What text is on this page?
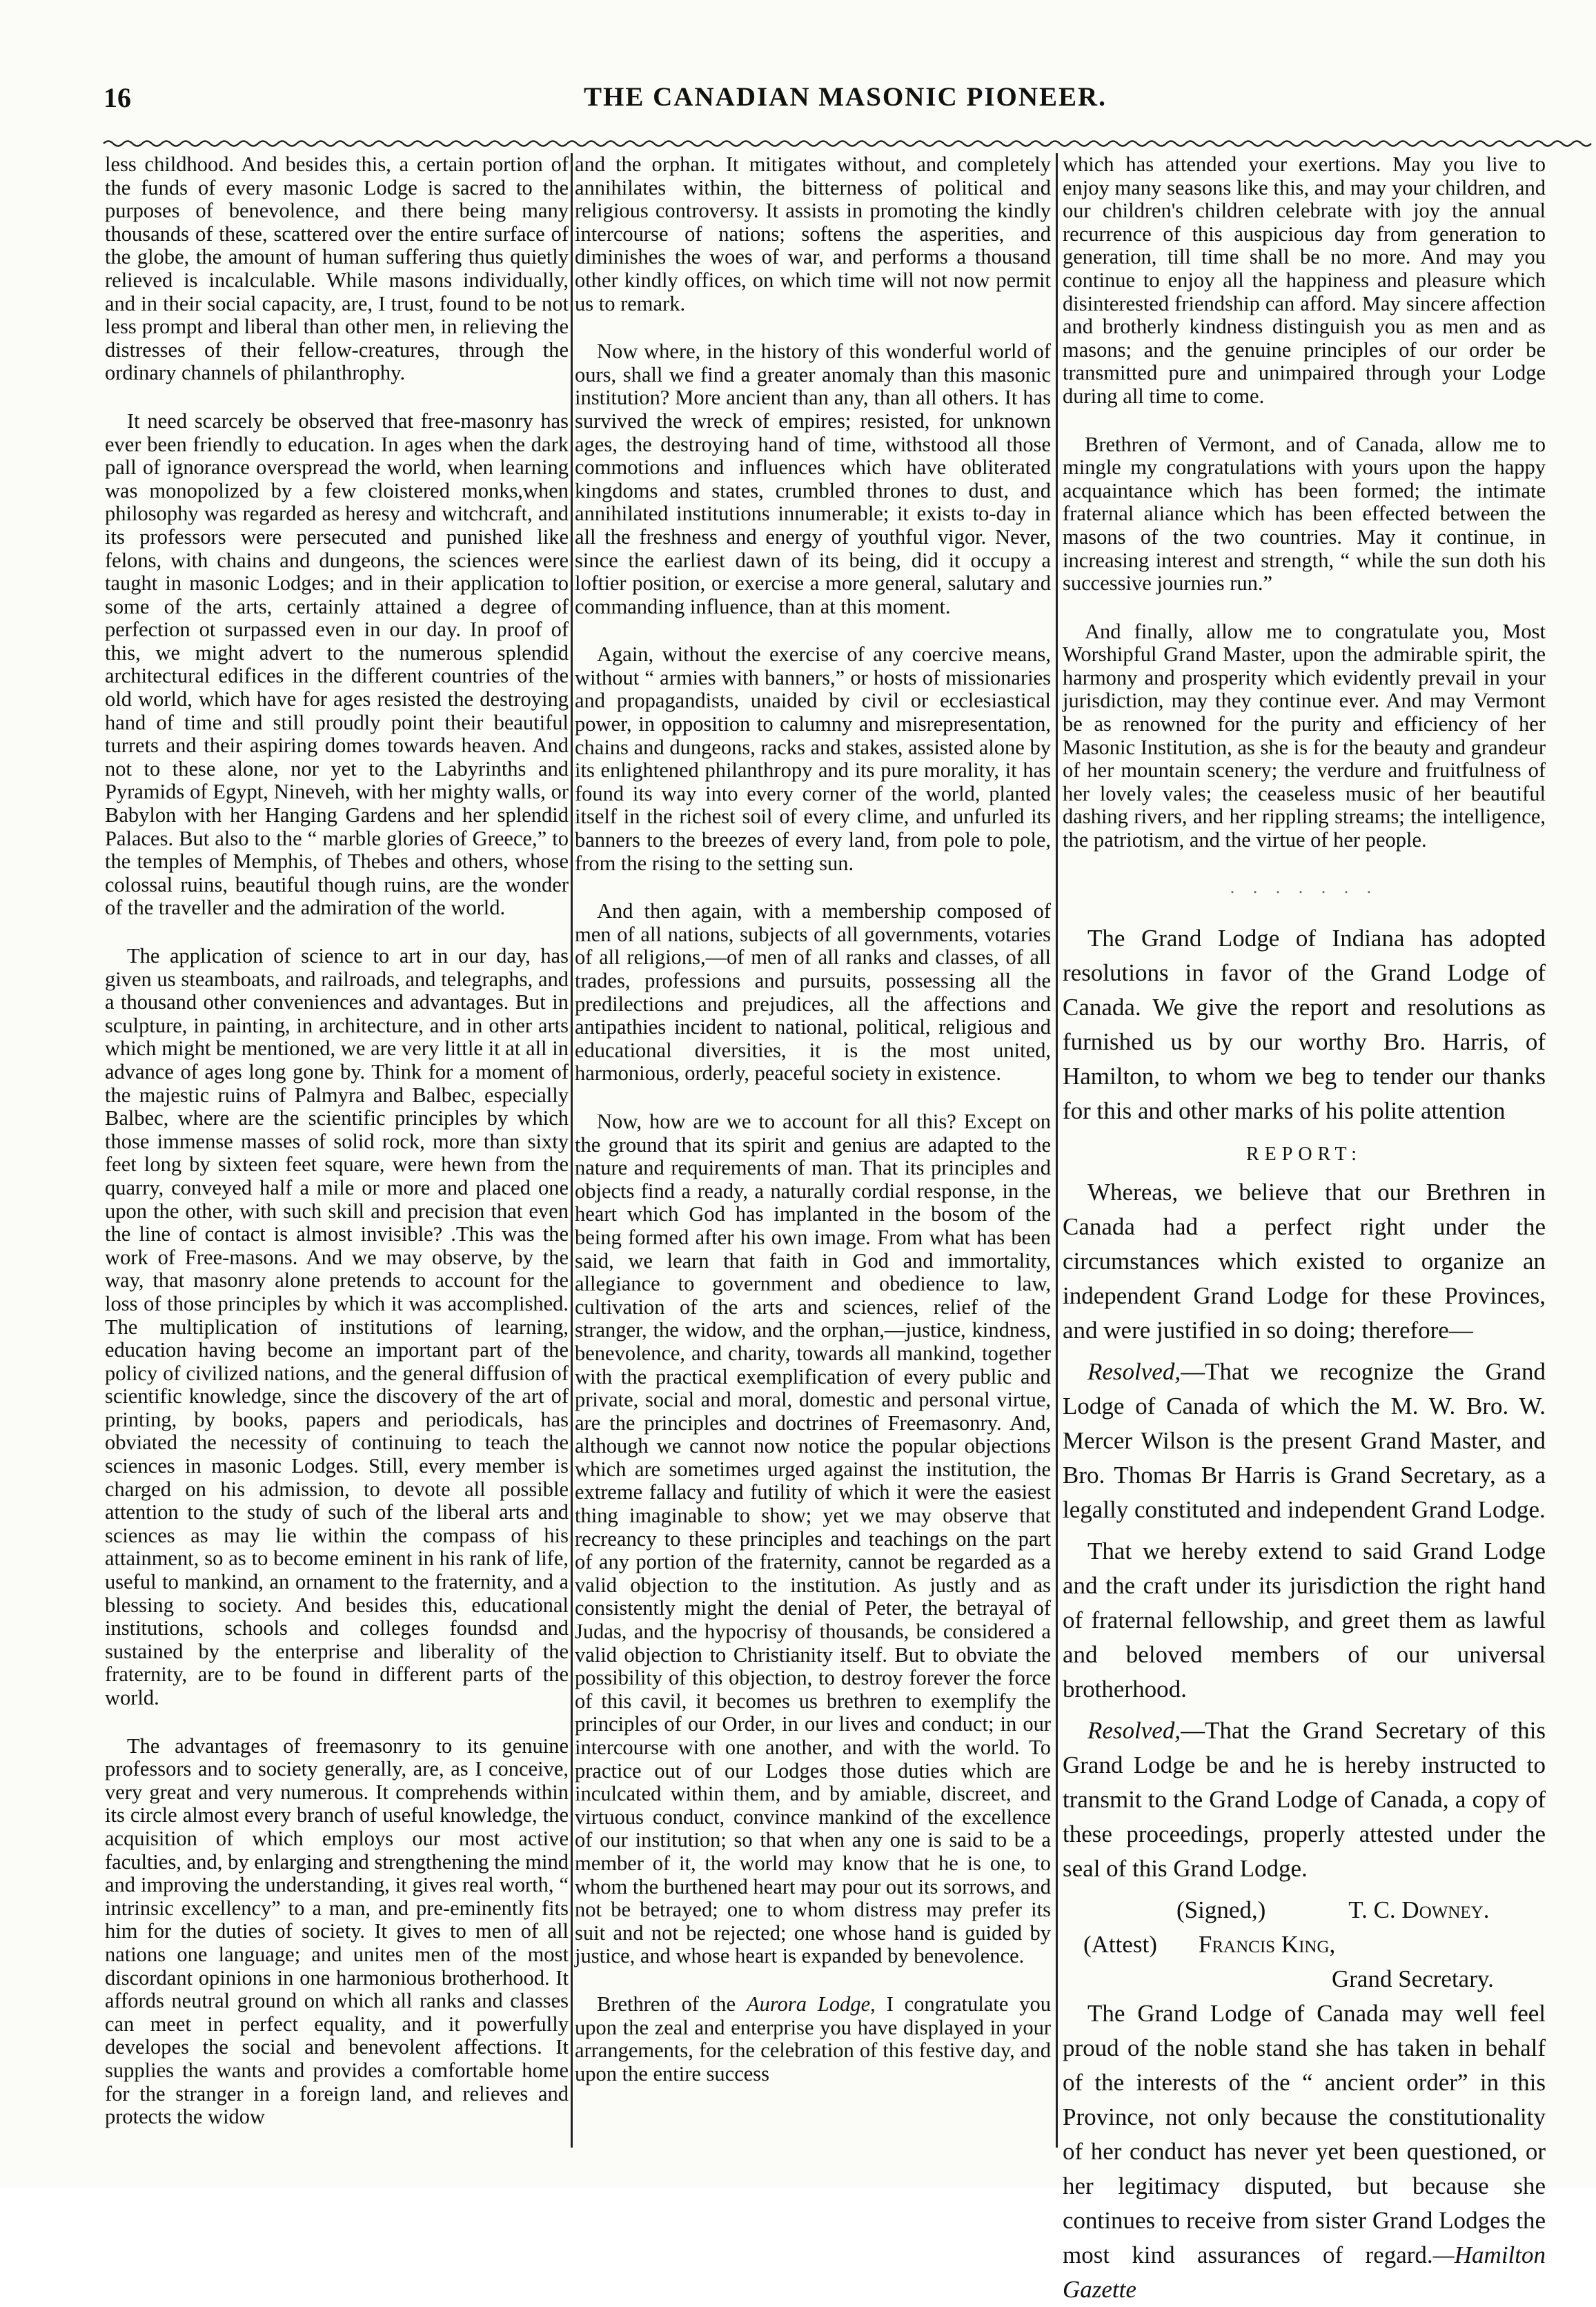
16	THE CANADIAN MASONIC PIONEER.

less childhood. And besides this, a certain portion of the funds of every masonic Lodge is sacred to the purposes of benevolence, and there being many thousands of these, scattered over the entire surface of the globe, the amount of human suffering thus quietly relieved is incalculable. While masons individually, and in their social capacity, are, I trust, found to be not less prompt and liberal than other men, in relieving the distresses of their fellow-creatures, through the ordinary channels of philanthrophy.

It need scarcely be observed that free-masonry has ever been friendly to education. In ages when the dark pall of ignorance overspread the world, when learning was monopolized by a few cloistered monks,when philosophy was regarded as heresy and witchcraft, and its professors were persecuted and punished like felons, with chains and dungeons, the sciences were taught in masonic Lodges; and in their application to some of the arts, certainly attained a degree of perfection ot surpassed even in our day. In proof of this, we might advert to the numerous splendid architectural edifices in the different countries of the old world, which have for ages resisted the destroying hand of time and still proudly point their beautiful turrets and their aspiring domes towards heaven. And not to these alone, nor yet to the Labyrinths and Pyramids of Egypt, Nineveh, with her mighty walls, or Babylon with her Hanging Gardens and her splendid Palaces. But also to the “ marble glories of Greece,” to the temples of Memphis, of Thebes and others, whose colossal ruins, beautiful though ruins, are the wonder of the traveller and the admiration of the world.

The application of science to art in our day, has given us steamboats, and railroads, and telegraphs, and a thousand other conveniences and advantages. But in sculpture, in painting, in architecture, and in other arts which might be mentioned, we are very little it at all in advance of ages long gone by. Think for a moment of the majestic ruins of Palmyra and Balbec, especially Balbec, where are the scientific principles by which those immense masses of solid rock, more than sixty feet long by sixteen feet square, were hewn from the quarry, conveyed half a mile or more and placed one upon the other, with such skill and precision that even the line of contact is almost invisible? .This was the work of Free-masons. And we may observe, by the way, that masonry alone pretends to account for the loss of those principles by which it was accomplished. The multiplication of institutions of learning, education having become an important part of the policy of civilized nations, and the general diffusion of scientific knowledge, since the discovery of the art of printing, by books, papers and periodicals, has obviated the necessity of continuing to teach the sciences in masonic Lodges. Still, every member is charged on his admission, to devote all possible attention to the study of such of the liberal arts and sciences as may lie within the compass of his attainment, so as to become eminent in his rank of life, useful to mankind, an ornament to the fraternity, and a blessing to society. And besides this, educational institutions, schools and colleges foundsd and sustained by the enterprise and liberality of the fraternity, are to be found in different parts of the world.

The advantages of freemasonry to its genuine professors and to society generally, are, as I conceive, very great and very numerous. It comprehends within its circle almost every branch of useful knowledge, the acquisition of which employs our most active faculties, and, by enlarging and strengthening the mind and improving the understanding, it gives real worth, “ intrinsic excellency” to a man, and pre-eminently fits him for the duties of society. It gives to men of all nations one language; and unites men of the most discordant opinions in one harmonious brotherhood. It affords neutral ground on which all ranks and classes can meet in perfect equality, and it powerfully developes the social and benevolent affections. It supplies the wants and provides a comfortable home for the stranger in a foreign land, and relieves and protects the widow

and the orphan. It mitigates without, and completely annihilates within, the bitterness of political and religious controversy. It assists in promoting the kindly intercourse of nations; softens the asperities, and diminishes the woes of war, and performs a thousand other kindly offices, on which time will not now permit us to remark.

Now where, in the history of this wonderful world of ours, shall we find a greater anomaly than this masonic institution? More ancient than any, than all others. It has survived the wreck of empires; resisted, for unknown ages, the destroying hand of time, withstood all those commotions and influences which have obliterated kingdoms and states, crumbled thrones to dust, and annihilated institutions innumerable; it exists to-day in all the freshness and energy of youthful vigor. Never, since the earliest dawn of its being, did it occupy a loftier position, or exercise a more general, salutary and commanding influence, than at this moment.

Again, without the exercise of any coercive means, without “ armies with banners,” or hosts of missionaries and propagandists, unaided by civil or ecclesiastical power, in opposition to calumny and misrepresentation, chains and dungeons, racks and stakes, assisted alone by its enlightened philanthropy and its pure morality, it has found its way into every corner of the world, planted itself in the richest soil of every clime, and unfurled its banners to the breezes of every land, from pole to pole, from the rising to the setting sun.

And then again, with a membership composed of men of all nations, subjects of all governments, votaries of all religions,—of men of all ranks and classes, of all trades, professions and pursuits, possessing all the predilections and prejudices, all the affections and antipathies incident to national, political, religious and educational diversities, it is the most united, harmonious, orderly, peaceful society in existence.

Now, how are we to account for all this? Except on the ground that its spirit and genius are adapted to the nature and requirements of man. That its principles and objects find a ready, a naturally cordial response, in the heart which God has implanted in the bosom of the being formed after his own image. From what has been said, we learn that faith in God and immortality, allegiance to government and obedience to law, cultivation of the arts and sciences, relief of the stranger, the widow, and the orphan,—justice, kindness, benevolence, and charity, towards all mankind, together with the practical exemplification of every public and private, social and moral, domestic and personal virtue, are the principles and doctrines of Freemasonry. And, although we cannot now notice the popular objections which are sometimes urged against the institution, the extreme fallacy and futility of which it were the easiest thing imaginable to show; yet we may observe that recreancy to these principles and teachings on the part of any portion of the fraternity, cannot be regarded as a valid objection to the institution. As justly and as consistently might the denial of Peter, the betrayal of Judas, and the hypocrisy of thousands, be considered a valid objection to Christianity itself. But to obviate the possibility of this objection, to destroy forever the force of this cavil, it becomes us brethren to exemplify the principles of our Order, in our lives and conduct; in our intercourse with one another, and with the world. To practice out of our Lodges those duties which are inculcated within them, and by amiable, discreet, and virtuous conduct, convince mankind of the excellence of our institution; so that when any one is said to be a member of it, the world may know that he is one, to whom the burthened heart may pour out its sorrows, and not be betrayed; one to whom distress may prefer its suit and not be rejected; one whose hand is guided by justice, and whose heart is expanded by benevolence.

Brethren of the Aurora Lodge, I congratulate you upon the zeal and enterprise you have displayed in your arrangements, for the celebration of this festive day, and upon the entire success

which has attended your exertions. May you live to enjoy many seasons like this, and may your children, and our children's children celebrate with joy the annual recurrence of this auspicious day from generation to generation, till time shall be no more. And may you continue to enjoy all the happiness and pleasure which disinterested friendship can afford. May sincere affection and brotherly kindness distinguish you as men and as masons; and the genuine principles of our order be transmitted pure and unimpaired through your Lodge during all time to come.

Brethren of Vermont, and of Canada, allow me to mingle my congratulations with yours upon the happy acquaintance which has been formed; the intimate fraternal aliance which has been effected between the masons of the two countries. May it continue, in increasing interest and strength, “ while the sun doth his successive journies run.”

And finally, allow me to congratulate you, Most Worshipful Grand Master, upon the admirable spirit, the harmony and prosperity which evidently prevail in your jurisdiction, may they continue ever. And may Vermont be as renowned for the purity and efficiency of her Masonic Institution, as she is for the beauty and grandeur of her mountain scenery; the verdure and fruitfulness of her lovely vales; the ceaseless music of her beautiful dashing rivers, and her rippling streams; the intelligence, the patriotism, and the virtue of her people.

. . . . . . .

The Grand Lodge of Indiana has adopted resolutions in favor of the Grand Lodge of Canada. We give the report and resolutions as furnished us by our worthy Bro. Harris, of Hamilton, to whom we beg to tender our thanks for this and other marks of his polite attention

REPORT:

Whereas, we believe that our Brethren in Canada had a perfect right under the circumstances which existed to organize an independent Grand Lodge for these Provinces, and were justified in so doing; therefore—

Resolved,—That we recognize the Grand Lodge of Canada of which the M. W. Bro. W. Mercer Wilson is the present Grand Master, and Bro. Thomas Br Harris is Grand Secretary, as a legally constituted and independent Grand Lodge.

That we hereby extend to said Grand Lodge and the craft under its jurisdiction the right hand of fraternal fellowship, and greet them as lawful and beloved members of our universal brotherhood.

Resolved,—That the Grand Secretary of this Grand Lodge be and he is hereby instructed to transmit to the Grand Lodge of Canada, a copy of these proceedings, properly attested under the seal of this Grand Lodge.

(Signed,)	T. C. Downey.
(Attest) Francis King,
Grand Secretary.

The Grand Lodge of Canada may well feel proud of the noble stand she has taken in behalf of the interests of the “ ancient order” in this Province, not only because the constitutionality of her conduct has never yet been questioned, or her legitimacy disputed, but because she continues to receive from sister Grand Lodges the most kind assurances of regard.—Hamilton Gazette
